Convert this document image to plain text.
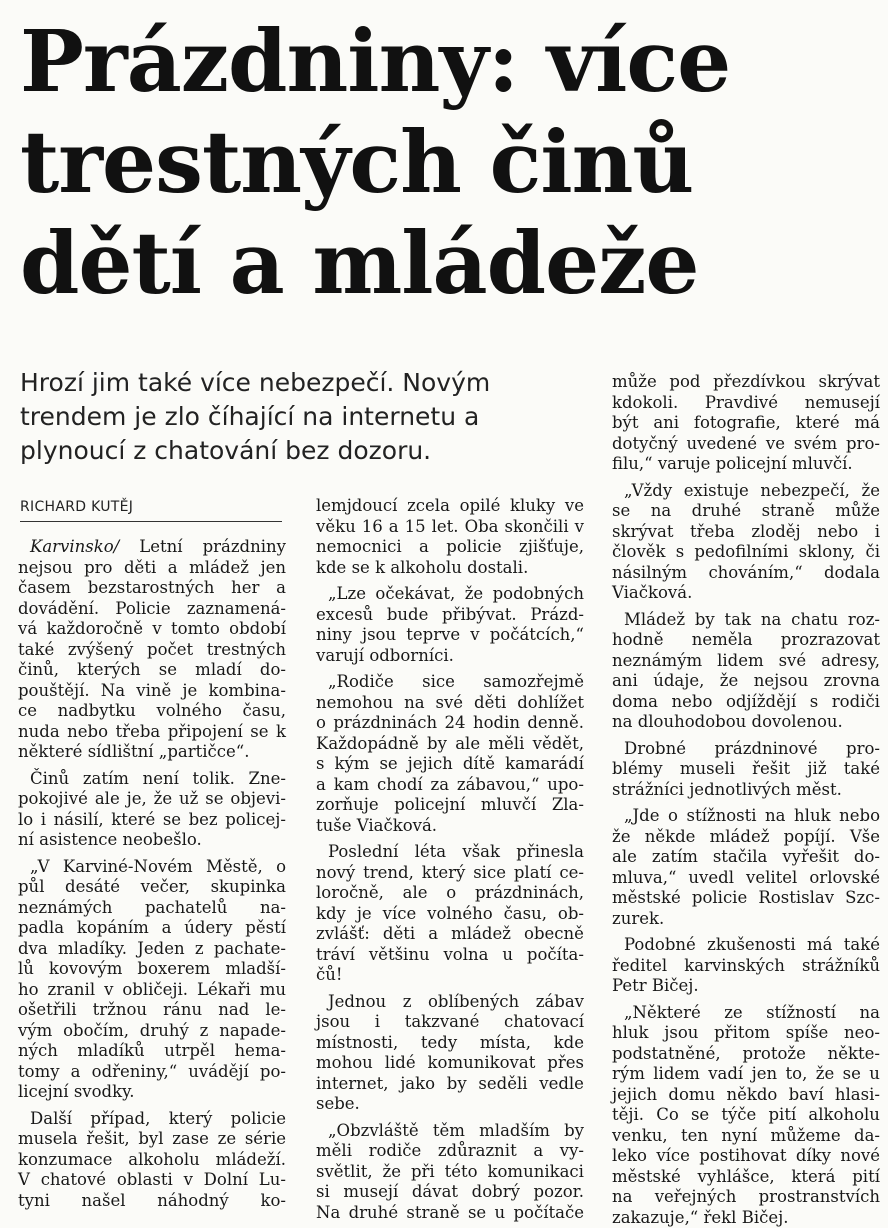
Prázdniny: více
trestných činů
dětí a mládeže
Hrozí jim také více nebezpečí. Novým
trendem je zlo číhající na internetu a
plynoucí z chatování bez dozoru.
RICHARD KUTĚJ
Karvinsko/ Letní prázdniny
nejsou pro děti a mládež jen
časem bezstarostných her a
dovádění. Policie zaznamená-
vá každoročně v tomto období
také zvýšený počet trestných
činů, kterých se mladí do-
pouštějí. Na vině je kombina-
ce nadbytku volného času,
nuda nebo třeba připojení se k
některé sídlištní „partičce“.
Činů zatím není tolik. Zne-
pokojivé ale je, že už se objevi-
lo i násilí, které se bez policej-
ní asistence neobešlo.
„V Karviné-Novém Městě, o
půl desáté večer, skupinka
neznámých pachatelů na-
padla kopáním a údery pěstí
dva mladíky. Jeden z pachate-
lů kovovým boxerem mladší-
ho zranil v obličeji. Lékaři mu
ošetřili tržnou ránu nad le-
vým obočím, druhý z napade-
ných mladíků utrpěl hema-
tomy a odřeniny,“ uvádějí po-
licejní svodky.
Další případ, který policie
musela řešit, byl zase ze série
konzumace alkoholu mládeží.
V chatové oblasti v Dolní Lu-
tyni našel náhodný ko-
lemjdoucí zcela opilé kluky ve
věku 16 a 15 let. Oba skončili v
nemocnici a policie zjišťuje,
kde se k alkoholu dostali.
„Lze očekávat, že podobných
excesů bude přibývat. Prázd-
niny jsou teprve v počátcích,“
varují odborníci.
„Rodiče sice samozřejmě
nemohou na své děti dohlížet
o prázdninách 24 hodin denně.
Každopádně by ale měli vědět,
s kým se jejich dítě kamarádí
a kam chodí za zábavou,“ upo-
zorňuje policejní mluvčí Zla-
tuše Viačková.
Poslední léta však přinesla
nový trend, který sice platí ce-
loročně, ale o prázdninách,
kdy je více volného času, ob-
zvlášť: děti a mládež obecně
tráví většinu volna u počíta-
čů!
Jednou z oblíbených zábav
jsou i takzvané chatovací
místnosti, tedy místa, kde
mohou lidé komunikovat přes
internet, jako by seděli vedle
sebe.
„Obzvláště těm mladším by
měli rodiče zdůraznit a vy-
světlit, že při této komunikaci
si musejí dávat dobrý pozor.
Na druhé straně se u počítače
může pod přezdívkou skrývat
kdokoli. Pravdivé nemusejí
být ani fotografie, které má
dotyčný uvedené ve svém pro-
filu,“ varuje policejní mluvčí.
„Vždy existuje nebezpečí, že
se na druhé straně může
skrývat třeba zloděj nebo i
člověk s pedofilními sklony, či
násilným chováním,“ dodala
Viačková.
Mládež by tak na chatu roz-
hodně neměla prozrazovat
neznámým lidem své adresy,
ani údaje, že nejsou zrovna
doma nebo odjíždějí s rodiči
na dlouhodobou dovolenou.
Drobné prázdninové pro-
blémy museli řešit již také
strážníci jednotlivých měst.
„Jde o stížnosti na hluk nebo
že někde mládež popíjí. Vše
ale zatím stačila vyřešit do-
mluva,“ uvedl velitel orlovské
městské policie Rostislav Szc-
zurek.
Podobné zkušenosti má také
ředitel karvinských strážníků
Petr Bičej.
„Některé ze stížností na
hluk jsou přitom spíše neo-
podstatněné, protože někte-
rým lidem vadí jen to, že se u
jejich domu někdo baví hlasi-
těji. Co se týče pití alkoholu
venku, ten nyní můžeme da-
leko více postihovat díky nové
městské vyhlášce, která pití
na veřejných prostranstvích
zakazuje,“ řekl Bičej.
